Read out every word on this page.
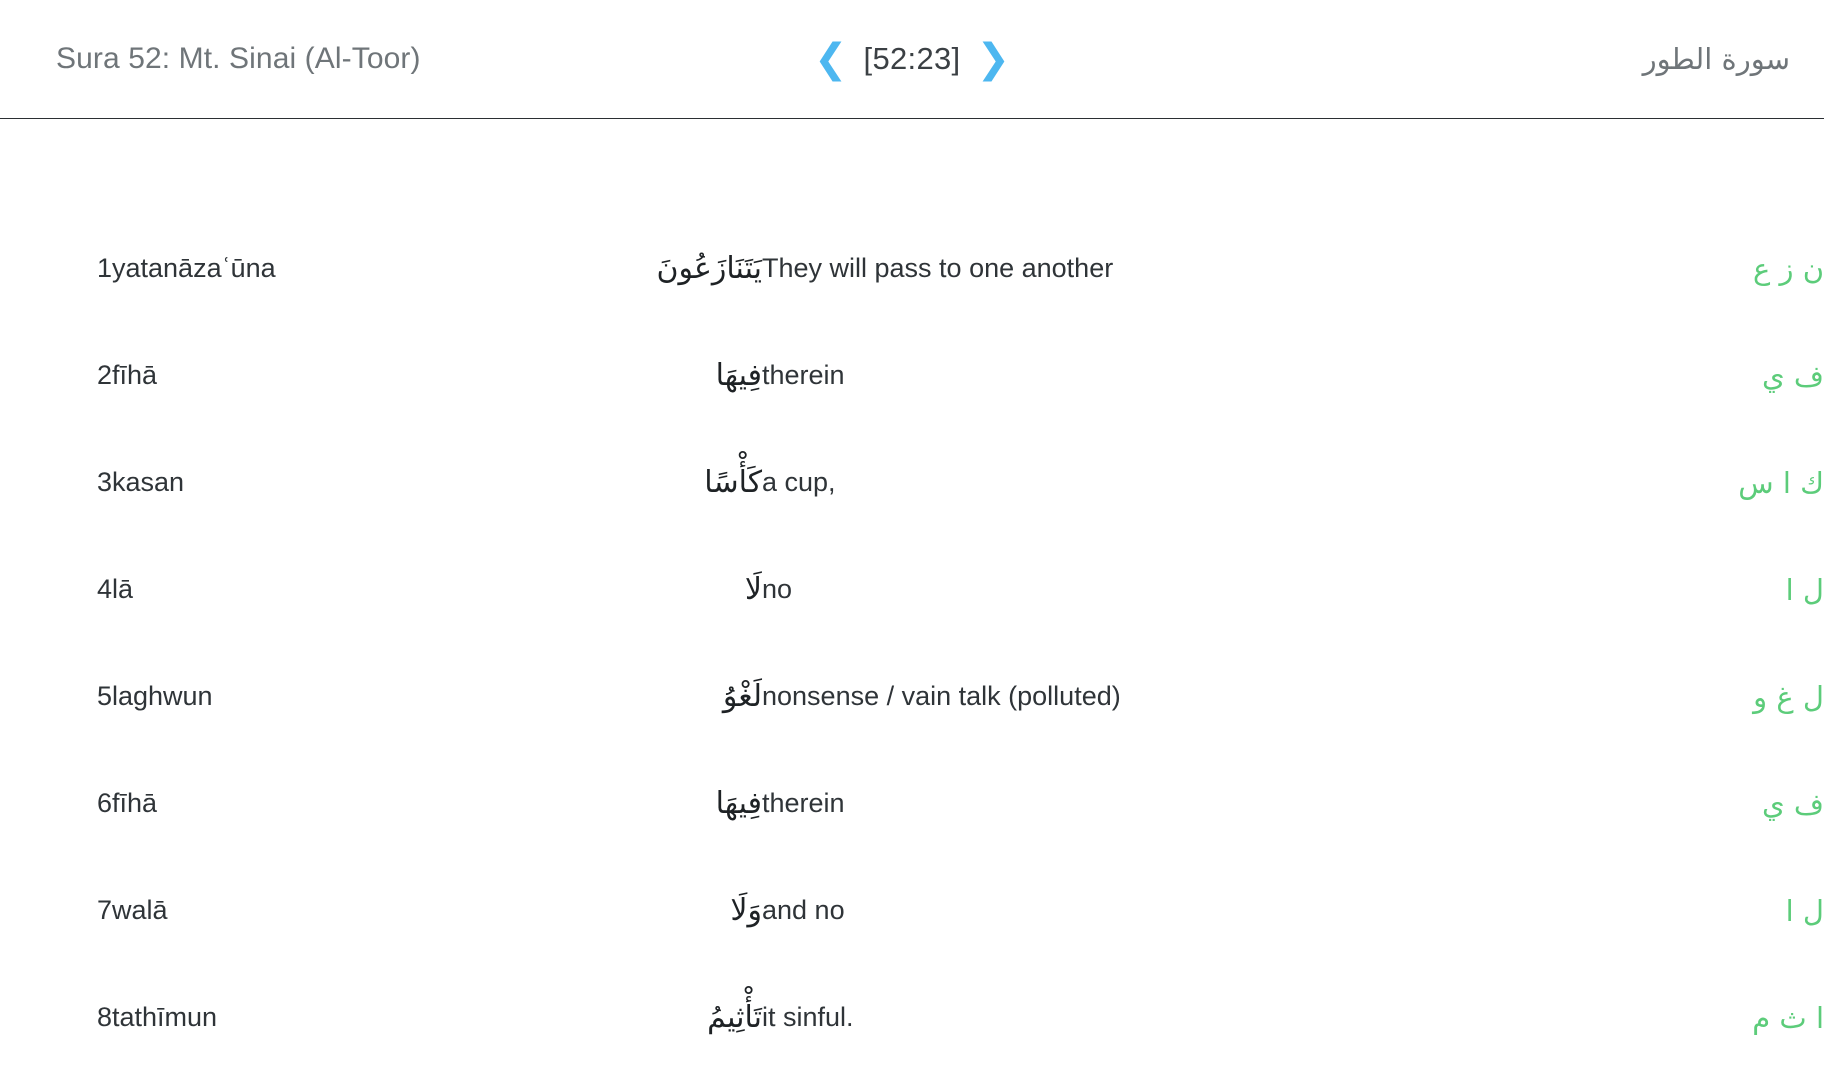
Sura 52: Mt. Sinai (Al-Toor)	❮ [52:23] ❯	سورة الطور
1	yatanāzaʿūna	يَتَنَازَعُونَ	They will pass to one another	ن ز ع
2	fīhā	فِيهَا	therein	ف ي
3	kasan	كَأْسًا	a cup,	ك ا س
4	lā	لَا	no	ل ا
5	laghwun	لَغْوُُ	nonsense / vain talk (polluted)	ل غ و
6	fīhā	فِيهَا	therein	ف ي
7	walā	وَلَا	and no	ل ا
8	tathīmun	تَأْثِيمُ	it sinful.	ا ث م
